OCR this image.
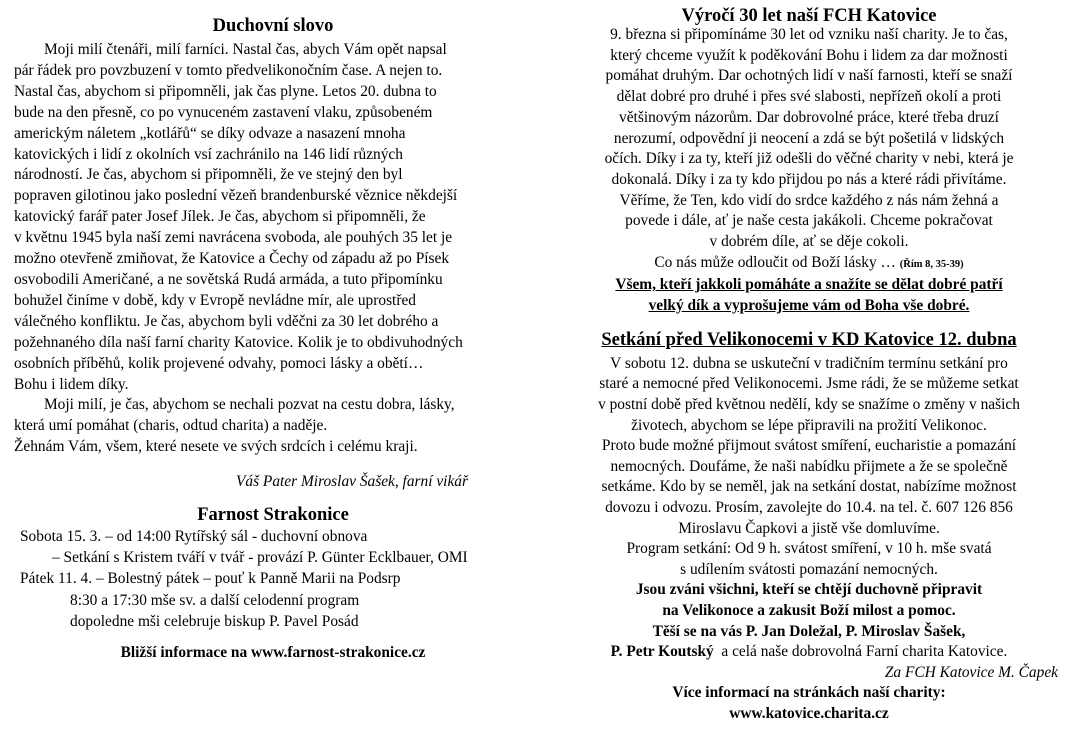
Duchovní slovo
Moji milí čtenáři, milí farníci. Nastal čas, abych Vám opět napsal
pár řádek pro povzbuzení v tomto předvelikonočním čase. A nejen to.
Nastal čas, abychom si připomněli, jak čas plyne. Letos 20. dubna to
bude na den přesně, co po vynuceném zastavení vlaku, způsobeném
americkým náletem „kotlářů“ se díky odvaze a nasazení mnoha
katovických i lidí z okolních vsí zachránilo na 146 lidí různých
národností. Je čas, abychom si připomněli, že ve stejný den byl
popraven gilotinou jako poslední vězeň brandenburské věznice někdejší
katovický farář pater Josef Jílek. Je čas, abychom si připomněli, že
v květnu 1945 byla naší zemi navrácena svoboda, ale pouhých 35 let je
možno otevřeně zmiňovat, že Katovice a Čechy od západu až po Písek
osvobodili Američané, a ne sovětská Rudá armáda, a tuto připomínku
bohužel činíme v době, kdy v Evropě nevládne mír, ale uprostřed
válečného konfliktu. Je čas, abychom byli vděčni za 30 let dobrého a
požehnaného díla naší farní charity Katovice. Kolik je to obdivuhodných
osobních příběhů, kolik projevené odvahy, pomoci lásky a obětí…
Bohu i lidem díky.
Moji milí, je čas, abychom se nechali pozvat na cestu dobra, lásky,
která umí pomáhat (charis, odtud charita) a naděje.
Žehnám Vám, všem, které nesete ve svých srdcích i celému kraji.
Váš Pater Miroslav Šašek, farní vikář
Farnost Strakonice
Sobota 15. 3. – od 14:00 Rytířský sál - duchovní obnova
– Setkání s Kristem tváří v tvář - provází P. Günter Ecklbauer, OMI
Pátek 11. 4. – Bolestný pátek – pouť k Panně Marii na Podsrp
8:30 a 17:30 mše sv. a další celodenní program
dopoledne mši celebruje biskup P. Pavel Posád
Bližší informace na www.farnost-strakonice.cz
Výročí 30 let naší FCH Katovice
9. března si připomínáme 30 let od vzniku naší charity. Je to čas,
který chceme využít k poděkování Bohu i lidem za dar možnosti
pomáhat druhým. Dar ochotných lidí v naší farnosti, kteří se snaží
dělat dobré pro druhé i přes své slabosti, nepřízeň okolí a proti
většinovým názorům. Dar dobrovolné práce, které třeba druzí
nerozumí, odpovědní ji neocení a zdá se být pošetilá v lidských
očích. Díky i za ty, kteří již odešli do věčné charity v nebi, která je
dokonalá. Díky i za ty kdo přijdou po nás a které rádi přivítáme.
Věříme, že Ten, kdo vidí do srdce každého z nás nám žehná a
povede i dále, ať je naše cesta jakákoli. Chceme pokračovat
v dobrém díle, ať se děje cokoli.
Co nás může odloučit od Boží lásky … (Řím 8, 35-39)
Všem, kteří jakkoli pomáháte a snažíte se dělat dobré patří
velký dík a vyprošujeme vám od Boha vše dobré.
Setkání před Velikonocemi v KD Katovice 12. dubna
V sobotu 12. dubna se uskuteční v tradičním termínu setkání pro
staré a nemocné před Velikonocemi. Jsme rádi, že se můžeme setkat
v postní době před květnou nedělí, kdy se snažíme o změny v našich
životech, abychom se lépe připravili na prožití Velikonoc.
Proto bude možné přijmout svátost smíření, eucharistie a pomazání
nemocných. Doufáme, že naši nabídku přijmete a že se společně
setkáme. Kdo by se neměl, jak na setkání dostat, nabízíme možnost
dovozu i odvozu. Prosím, zavolejte do 10.4. na tel. č. 607 126 856
Miroslavu Čapkovi a jistě vše domluvíme.
Program setkání: Od 9 h. svátost smíření, v 10 h. mše svatá
s udílením svátosti pomazání nemocných.
Jsou zváni všichni, kteří se chtějí duchovně připravit
na Velikonoce a zakusit Boží milost a pomoc.
Těší se na vás P. Jan Doležal, P. Miroslav Šašek,
P. Petr Koutský  a celá naše dobrovolná Farní charita Katovice.
Za FCH Katovice M. Čapek
Více informací na stránkách naší charity:
www.katovice.charita.cz
